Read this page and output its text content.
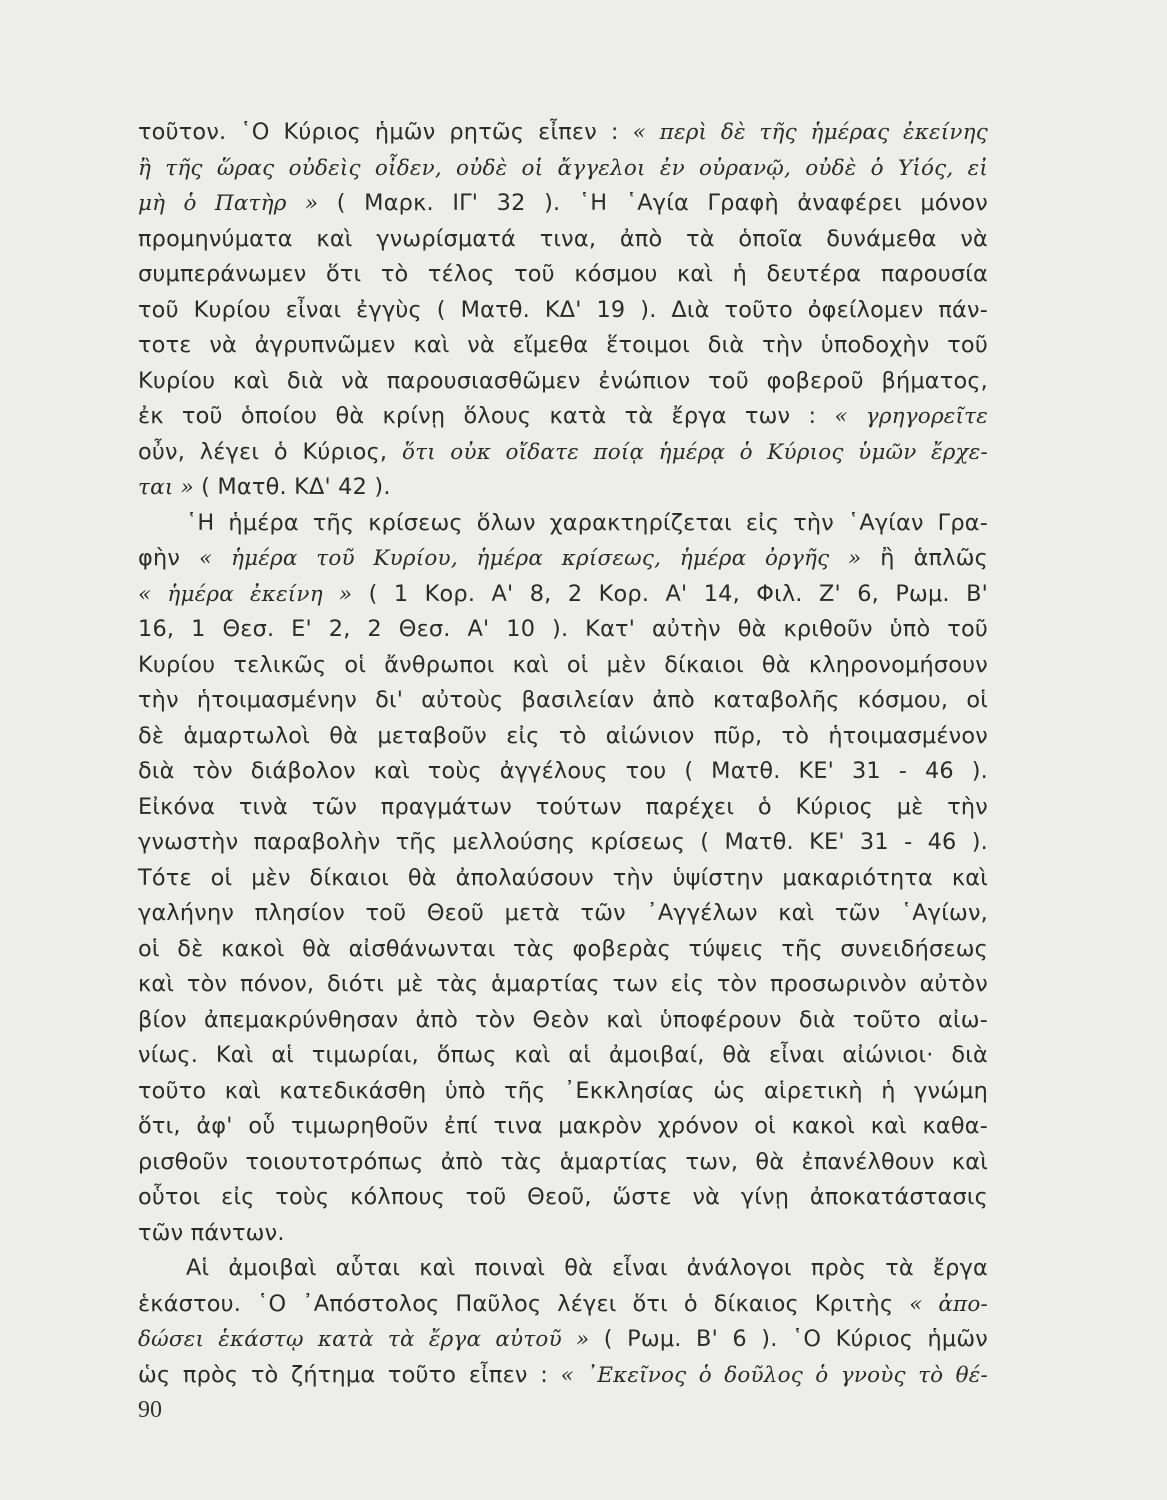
τοῦτον. ῾Ο Κύριος ἡμῶν ρητῶς εἶπεν : « περὶ δὲ τῆς ἡμέρας ἐκείνης
ἢ τῆς ὥρας οὐδεὶς οἶδεν, οὐδὲ οἱ ἄγγελοι ἐν οὐρανῷ, οὐδὲ ὁ Υἱός, εἰ
μὴ ὁ Πατὴρ » ( Μαρκ. ΙΓ' 32 ). ῾Η ῾Αγία Γραφὴ ἀναφέρει μόνον
προμηνύματα καὶ γνωρίσματά τινα, ἀπὸ τὰ ὁποῖα δυνάμεθα νὰ
συμπεράνωμεν ὅτι τὸ τέλος τοῦ κόσμου καὶ ἡ δευτέρα παρουσία
τοῦ Κυρίου εἶναι ἐγγὺς ( Ματθ. ΚΔ' 19 ). Διὰ τοῦτο ὀφείλομεν πάν-
τοτε νὰ ἀγρυπνῶμεν καὶ νὰ εἴμεθα ἕτοιμοι διὰ τὴν ὑποδοχὴν τοῦ
Κυρίου καὶ διὰ νὰ παρουσιασθῶμεν ἐνώπιον τοῦ φοβεροῦ βήματος,
ἐκ τοῦ ὁποίου θὰ κρίνῃ ὅλους κατὰ τὰ ἔργα των : « γρηγορεῖτε
οὖν, λέγει ὁ Κύριος, ὅτι οὐκ οἴδατε ποίᾳ ἡμέρᾳ ὁ Κύριος ὑμῶν ἔρχε-
ται » ( Ματθ. ΚΔ' 42 ).
῾Η ἡμέρα τῆς κρίσεως ὅλων χαρακτηρίζεται εἰς τὴν ῾Αγίαν Γρα-
φὴν « ἡμέρα τοῦ Κυρίου, ἡμέρα κρίσεως, ἡμέρα ὀργῆς » ἢ ἁπλῶς
« ἡμέρα ἐκείνη » ( 1 Κορ. Α' 8, 2 Κορ. Α' 14, Φιλ. Ζ' 6, Ρωμ. Β'
16, 1 Θεσ. Ε' 2, 2 Θεσ. Α' 10 ). Κατ' αὐτὴν θὰ κριθοῦν ὑπὸ τοῦ
Κυρίου τελικῶς οἱ ἄνθρωποι καὶ οἱ μὲν δίκαιοι θὰ κληρονομήσουν
τὴν ἡτοιμασμένην δι' αὐτοὺς βασιλείαν ἀπὸ καταβολῆς κόσμου, οἱ
δὲ ἁμαρτωλοὶ θὰ μεταβοῦν εἰς τὸ αἰώνιον πῦρ, τὸ ἡτοιμασμένον
διὰ τὸν διάβολον καὶ τοὺς ἀγγέλους του ( Ματθ. ΚΕ' 31 - 46 ).
Εἰκόνα τινὰ τῶν πραγμάτων τούτων παρέχει ὁ Κύριος μὲ τὴν
γνωστὴν παραβολὴν τῆς μελλούσης κρίσεως ( Ματθ. ΚΕ' 31 - 46 ).
Τότε οἱ μὲν δίκαιοι θὰ ἀπολαύσουν τὴν ὑψίστην μακαριότητα καὶ
γαλήνην πλησίον τοῦ Θεοῦ μετὰ τῶν ᾿Αγγέλων καὶ τῶν ῾Αγίων,
οἱ δὲ κακοὶ θὰ αἰσθάνωνται τὰς φοβερὰς τύψεις τῆς συνειδήσεως
καὶ τὸν πόνον, διότι μὲ τὰς ἁμαρτίας των εἰς τὸν προσωρινὸν αὐτὸν
βίον ἀπεμακρύνθησαν ἀπὸ τὸν Θεὸν καὶ ὑποφέρουν διὰ τοῦτο αἰω-
νίως. Καὶ αἱ τιμωρίαι, ὅπως καὶ αἱ ἀμοιβαί, θὰ εἶναι αἰώνιοι· διὰ
τοῦτο καὶ κατεδικάσθη ὑπὸ τῆς ᾿Εκκλησίας ὡς αἱρετικὴ ἡ γνώμη
ὅτι, ἀφ' οὗ τιμωρηθοῦν ἐπί τινα μακρὸν χρόνον οἱ κακοὶ καὶ καθα-
ρισθοῦν τοιουτοτρόπως ἀπὸ τὰς ἁμαρτίας των, θὰ ἐπανέλθουν καὶ
οὗτοι εἰς τοὺς κόλπους τοῦ Θεοῦ, ὥστε νὰ γίνῃ ἀποκατάστασις
τῶν πάντων.
Αἱ ἀμοιβαὶ αὗται καὶ ποιναὶ θὰ εἶναι ἀνάλογοι πρὸς τὰ ἔργα
ἑκάστου. ῾Ο ᾿Απόστολος Παῦλος λέγει ὅτι ὁ δίκαιος Κριτὴς « ἀπο-
δώσει ἑκάστῳ κατὰ τὰ ἔργα αὐτοῦ » ( Ρωμ. Β' 6 ). ῾Ο Κύριος ἡμῶν
ὡς πρὸς τὸ ζήτημα τοῦτο εἶπεν : « ᾿Εκεῖνος ὁ δοῦλος ὁ γνοὺς τὸ θέ-
90
